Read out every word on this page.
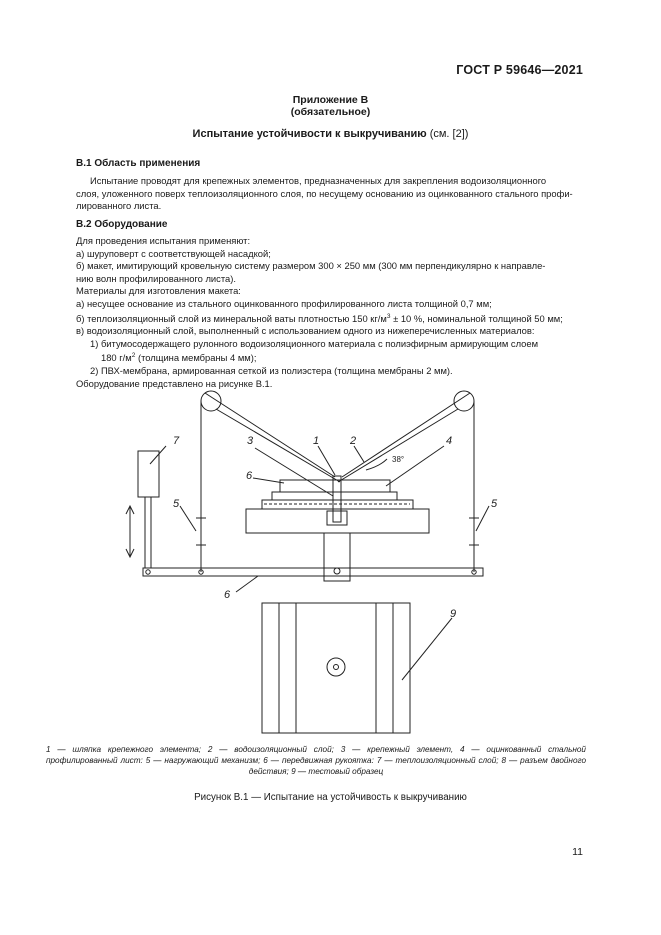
ГОСТ Р 59646—2021
Приложение В
(обязательное)
Испытание устойчивости к выкручиванию (см. [2])
В.1 Область применения
Испытание проводят для крепежных элементов, предназначенных для закрепления водоизоляционного
слоя, уложенного поверх теплоизоляционного слоя, по несущему основанию из оцинкованного стального профи-
лированного листа.
В.2 Оборудование
Для проведения испытания применяют:
а) шуруповерт с соответствующей насадкой;
б) макет, имитирующий кровельную систему размером 300 × 250 мм (300 мм перпендикулярно к направле-
нию волн профилированного листа).
Материалы для изготовления макета:
а) несущее основание из стального оцинкованного профилированного листа толщиной 0,7 мм;
б) теплоизоляционный слой из минеральной ваты плотностью 150 $кг/м^3 \pm 10$ %, номинальной толщиной 50 мм;
в) водоизоляционный слой, выполненный с использованием одного из нижеперечисленных материалов:
1) битумосодержащего рулонного водоизоляционного материала с полиэфирным армирующим слоем
180 $г/м^2$ (толщина мембраны 4 мм);
2) ПВХ-мембрана, армированная сеткой из полиэстера (толщина мембраны 2 мм).
Оборудование представлено на рисунке В.1.
7	1	2
3	4
6
5	5
6
9
38°
1 — шляпка крепежного элемента; 2 — водоизоляционный слой; 3 — крепежный элемент, 4 — оцинкованный стальной профилированный лист: 5 — нагружающий механизм; 6 — передвижная рукоятка: 7 — теплоизоляционный слой; 8 — разъем двойного действия; 9 — тестовый образец
Рисунок В.1 — Испытание на устойчивость к выкручиванию
11
